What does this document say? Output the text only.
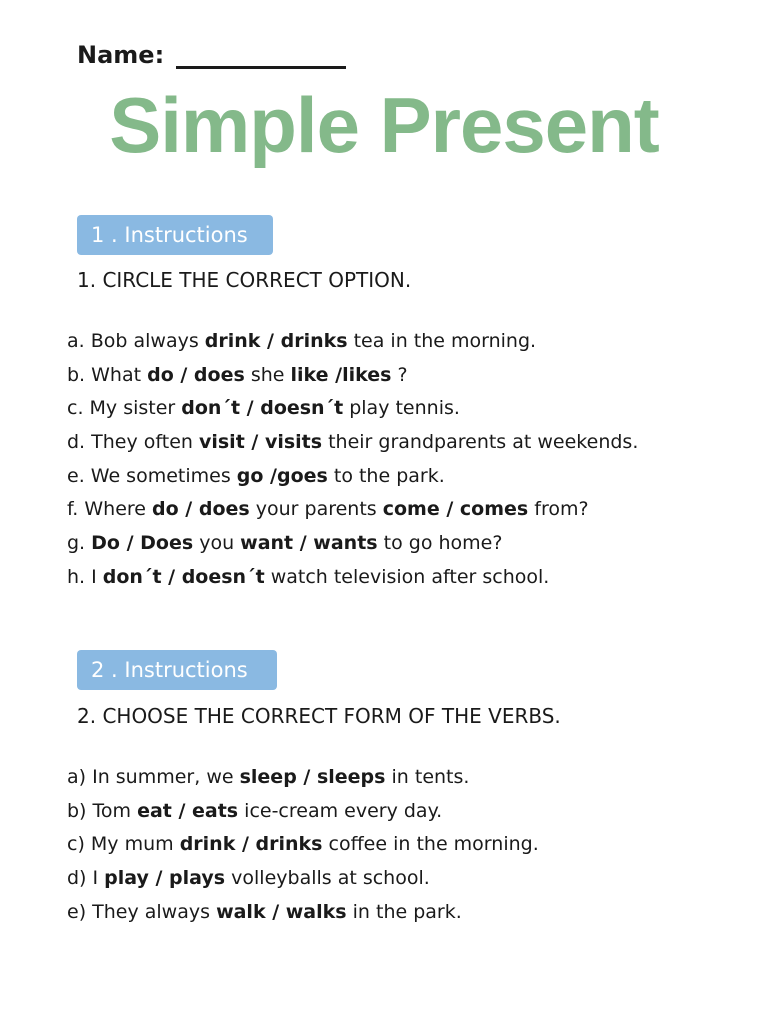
Name:
Simple Present
1 . Instructions
1. CIRCLE THE CORRECT OPTION.
a. Bob always drink / drinks tea in the morning.
b. What do / does she like /likes ?
c. My sister don´t / doesn´t play tennis.
d. They often visit / visits their grandparents at weekends.
e. We sometimes go /goes to the park.
f. Where do / does your parents come / comes from?
g. Do / Does you want / wants to go home?
h. I don´t / doesn´t watch television after school.
2 . Instructions
2. CHOOSE THE CORRECT FORM OF THE VERBS.
a) In summer, we sleep / sleeps in tents.
b) Tom eat / eats ice-cream every day.
c) My mum drink / drinks coffee in the morning.
d) I play / plays volleyballs at school.
e) They always walk / walks in the park.
